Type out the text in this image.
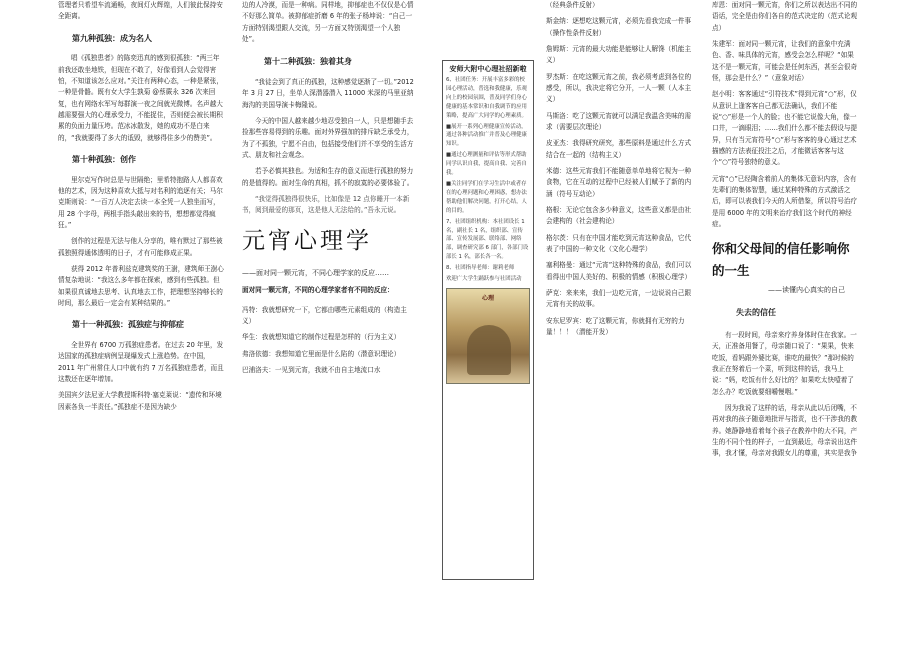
管理者只希望车流通畅，夜间灯火辉煌，人们彼此保持安全距离。

第九种孤独：成为名人

唱《孤独患者》的陈奕迅真的感到很孤独：“两三年前我还敢坐地铁，但现在不敢了，好像看到人会觉得害怕，不知道该怎么应对。”关注有两种心态，一种是紧张，一种是骨骼。既有女大学生孰菊 @蔡蕨永 326 次来回复，也有网络水军写每群演一夜之间就光微博。名声越大越需要强大的心理承受力，不能捉住，否则便会被长期积累的负面力量压垮。范冰冰散发，她的成功不是白来的，“我就要得了多大的诋毁，就够得住多少的赞美”。

第十种孤独：创作

里尔克写作时总是与世隔绝；里希特抱路人人都喜欢他的艺术，因为这种喜欢大抵与对名利的追逐有关；马尔克斯则说：“一百万人决定去读一本全凭一人独坐而写，用 28 个字母，两根手指头敲出来的书，想想都觉得疯狂。”

创作的过程是无法与他人分享的，唯有默过了那些被孤独照得通体透明的日子，才有可能修成正果。

获得 2012 年普利兹克建筑奖的王澍，建筑师王澍心情复杂地说：“我这么多年都在探索，感到有些孤独。但如果很真诚地去思考、认真地去工作，把理想坚持够长的时间，那么最后一定会有某种结果的。”

第十一种孤独：孤独症与抑郁症

全世界有 6700 万孤独症患者。在过去 20 年里，发达国家的孤独症病例呈现爆发式上涨趋势。在中国，2011 年广州常住人口中就有约 7 万名孤独症患者，而且这数还在逐年增加。

美国宾夕法尼亚大学教授斯科特·塞克莱说：“遗传和环境因素各负一半责任。”孤独症不是因为缺少

边的人冷漠，而是一种病。同样地，抑郁症也不仅仅是心情不好那么简单。被抑郁症折磨 6 年的张子杨坤说：“自己一方面特别渴望跟人交流，另一方面又特别渴望一个人独处”。

第十二种孤独：独着其身

“我徒会到了真正的孤独，这种感觉逐渐了一切。”2012 年 3 月 27 日，坐单人深潜器潜入 11000 米深的马里亚纳海沟的美国导演卡梅隆说。

今天的中国人越来越少地忍受独自一人，只是想随手去捡那些容易得到的乐趣。面对外界强加的排斥缺乏承受力，为了不孤独，宁愿不自由，包括接受他们并不享受的生活方式、朋友和社会观念。

若予必慎其独也。为适和生存的意义而进行孤独的努力的是值得的。面对生命的真相，抓不的寂寞的必要体验了。

“我觉得孤独得很快乐，比如像是 12 点你睡开一本新书，阅到最爱的那页，这是他人无法给的。”吾永元说。

元宵心理学
——面对同一颗元宵，不同心理学家的反应……
面对同一颗元宵，不同的心理学家者有不同的反应：

冯特：我就想研究一下，它都由哪些元素组成的（构造主义）

华生：我就想知道它的制作过程是怎样的（行为主义）

弗洛依德：我想知道它里面是什么陷的（潜意识理论）

巴浦洛夫：一见到元宵，我就不由自主地流口水

安师大附中心理社招新啦

6、社团任务：开展丰富多彩的校园心理活动，普选和我健康，乐观向上的校园氛围，普及同学们身心健康的基本常识和自我调节的应用策略，提高广大同学的心理素质。

■展开一系列心理健康宣传活动，通过各种活动推广并普及心理健康知识。

■通过心理测量和评估等形式帮助同学认识自我，提高自我、完善自我。

■关注同学们在学习生活中或者存在的心理问题和心理困惑，想办法帮助他们解决问题，打开心结，人的目的。

7、社团组织机构：本社团设长 1 名，副社长 1 名，组织部、宣传部、宣传发展部、联络部、网络部，调查研究部 6 部门，各部门设部长 1 名，部长各一名。

8、社团指导老师：谢莉老师

欢迎广大学生踊跃参与社团活动

心理

（经典条件反射）

斯金纳：逐想吃这颗元宵，必须先看我完成一件事（操作性条件反射）

詹姆斯：元宵的最大功能是能够让人解馋（机能主义）

罗杰斯：在吃这颗元宵之前，我必须考虑到各位的感受，所以，我决定将它分开，一人一颗（人本主义）

马斯洛：吃了这颗元宵就可以满足我温含美味的需求（需要层次理论）

皮亚杰：我得研究研究，那些原料是通过什么方式结合在一起的（结构主义）

米德：这些元宵我们不能随意单单地将它视为一种食物，它在互动的过程中已经被人们赋予了新的内涵（符号互动论）

格根：无论它包含多少种意义，这些意义都是由社会建构的（社会建构论）

格尔茨：只有在中国才能吃到元宵这种食品，它代表了中国的一种文化（文化心理学）

塞利格曼：通过“元宵”这种特殊的食品，我们可以看得出中国人美好的、积极的情感（积极心理学）

萨克：来来来，我们一边吃元宵，一边说说自己跟元宵有关的故事。

安东尼罗宾：吃了这颗元宵，你就拥有无穷的力量！！！（潜能开发）

库恩：面对同一颗元宵，你们之所以表达出不同的语话，完全是由你们各自的范式决定的（范式论观点）

朱建军：面对同一颗元宵，让我们的意象中充满色、香、味具体的元宵，感受会怎么样呢？“如果这不是一颗元宵，可能会是任何东西，甚至会很奇怪，那会是什么？”（意象对话）

赵小明：客客通过“引符技术”得到元宵“○”形，仅从意识上逢客客自己都无法确认，我们不能说“○”形是一个人的脸；也不能它说像大角，像一口井，一滴眼泪；……我们什么都不能去假设与提异，只有当元宵符号“○”形与客客的身心通过艺术描感的方法表征投注之后，才能微话客客与这个“○”符号独特的意义。

元宵“○”已经陶含着前人的集体无意识内容，含有先辈们的集体智慧，通过某种特殊的方式激活之后，即可以表我们今天的人所借鉴，所以符号治疗是用 6000 年的文明来治疗我们这个时代的神经症。

你和父母间的信任影响你的一生
——读懂内心真实的自己
失去的信任

有一段时间，母亲来疗养身体时住在我家。一天，正准备用餐了，母亲随口说了：“果果，快来吃饭，看妈跟外婆比赛，谁吃的最快？”那时候的我正在努着后一个菜，听到这样的话，我马上说：“妈，吃饭有什么好比的？如果吃太快噎着了怎么办？吃饭就要细嚼慢咽。”

因为我说了这样的话，母亲从此以后闭嘴，不再对我的孩子随意地批评与指责，也不干涉我的教养。她静静地看着每个孩子在教养中的大不同，产生的不同个性的样子，一直到最近，母亲说出这件事，我才懂，母亲对我跟女儿的尊重，其实是我争
